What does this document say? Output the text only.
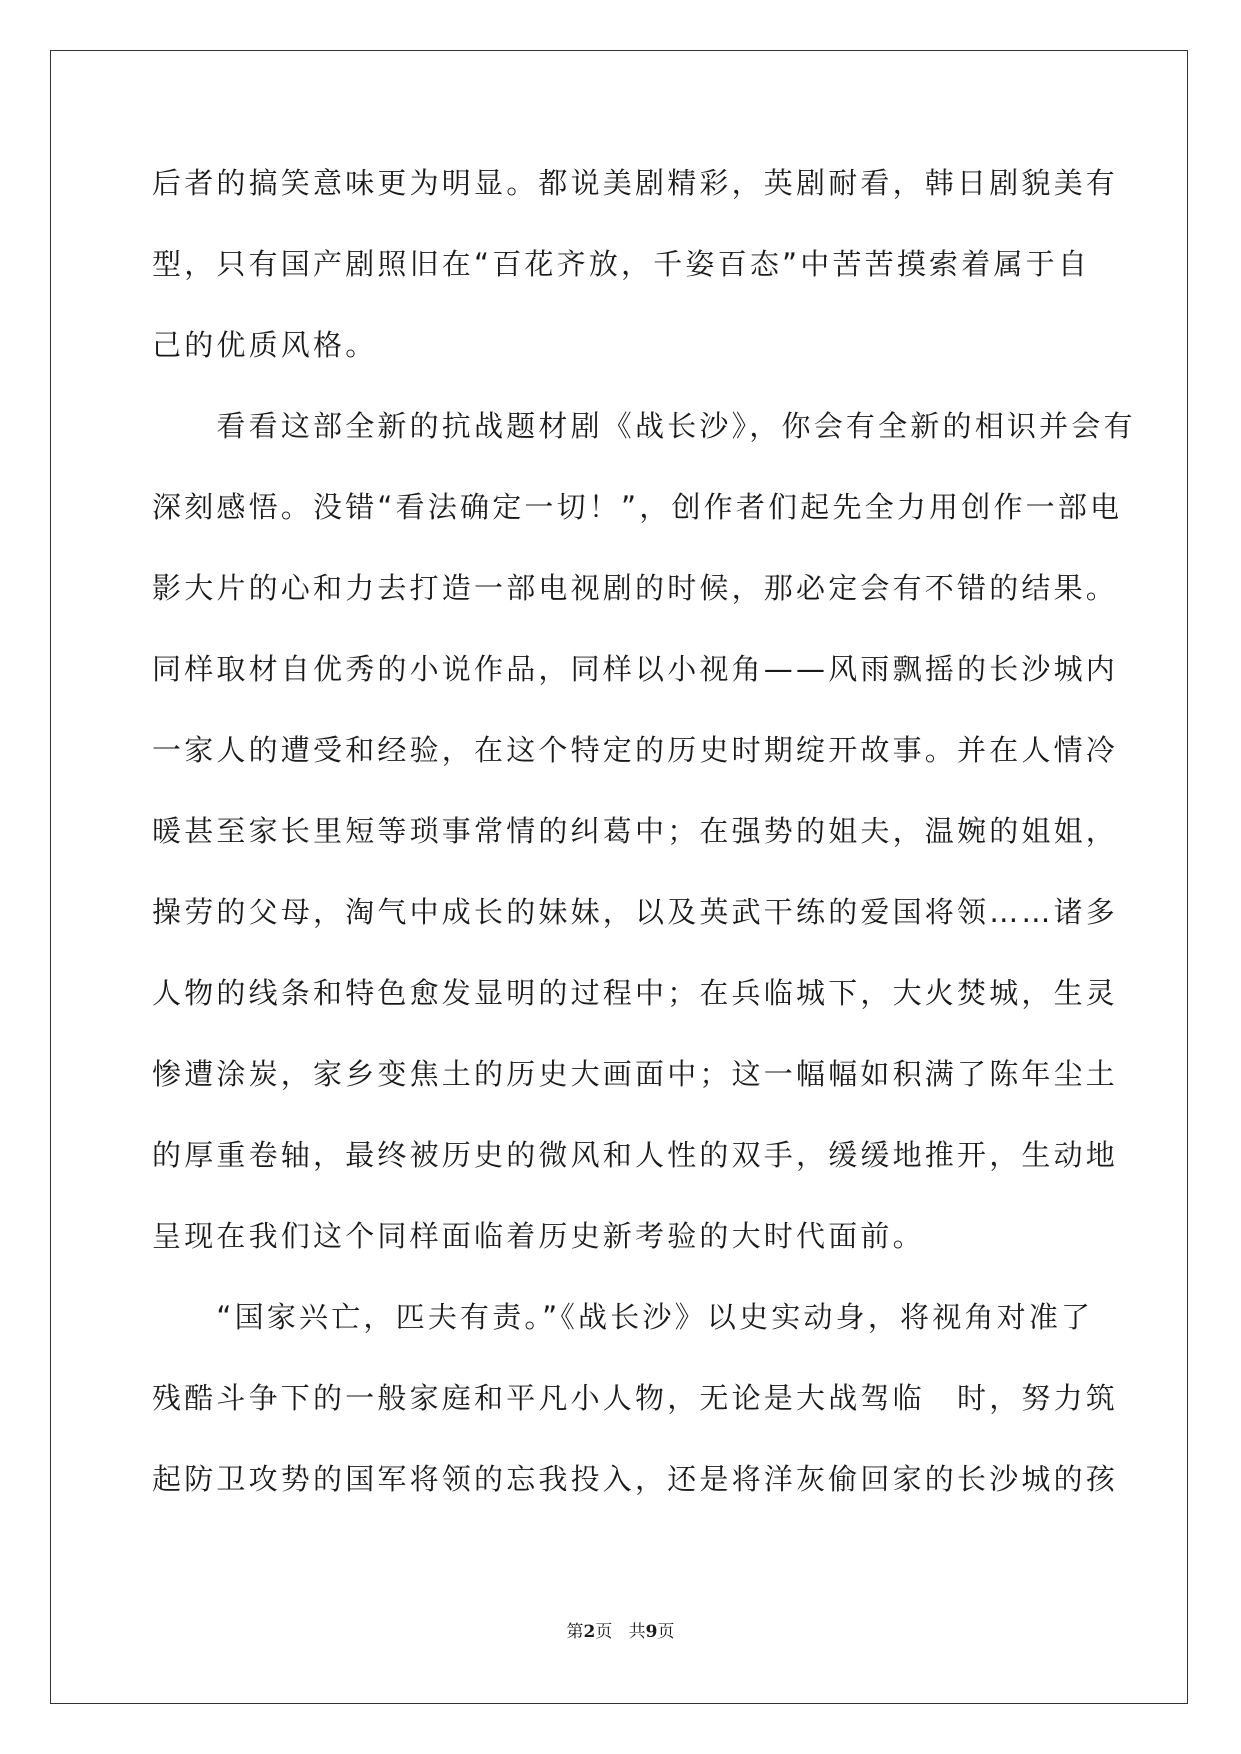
后者的搞笑意味更为明显。都说美剧精彩，英剧耐看，韩日剧貌美有
型，只有国产剧照旧在“百花齐放，千姿百态”中苦苦摸索着属于自
己的优质风格。
　　看看这部全新的抗战题材剧《战长沙》，你会有全新的相识并会有
深刻感悟。没错“看法确定一切！”，创作者们起先全力用创作一部电
影大片的心和力去打造一部电视剧的时候，那必定会有不错的结果。
同样取材自优秀的小说作品，同样以小视角——风雨飘摇的长沙城内
一家人的遭受和经验，在这个特定的历史时期绽开故事。并在人情冷
暖甚至家长里短等琐事常情的纠葛中；在强势的姐夫，温婉的姐姐，
操劳的父母，淘气中成长的妹妹，以及英武干练的爱国将领……诸多
人物的线条和特色愈发显明的过程中；在兵临城下，大火焚城，生灵
惨遭涂炭，家乡变焦土的历史大画面中；这一幅幅如积满了陈年尘土
的厚重卷轴，最终被历史的微风和人性的双手，缓缓地推开，生动地
呈现在我们这个同样面临着历史新考验的大时代面前。
　　“国家兴亡，匹夫有责。”《战长沙》以史实动身，将视角对准了
残酷斗争下的一般家庭和平凡小人物，无论是大战驾临　时，努力筑
起防卫攻势的国军将领的忘我投入，还是将洋灰偷回家的长沙城的孩
第2页 共9页
